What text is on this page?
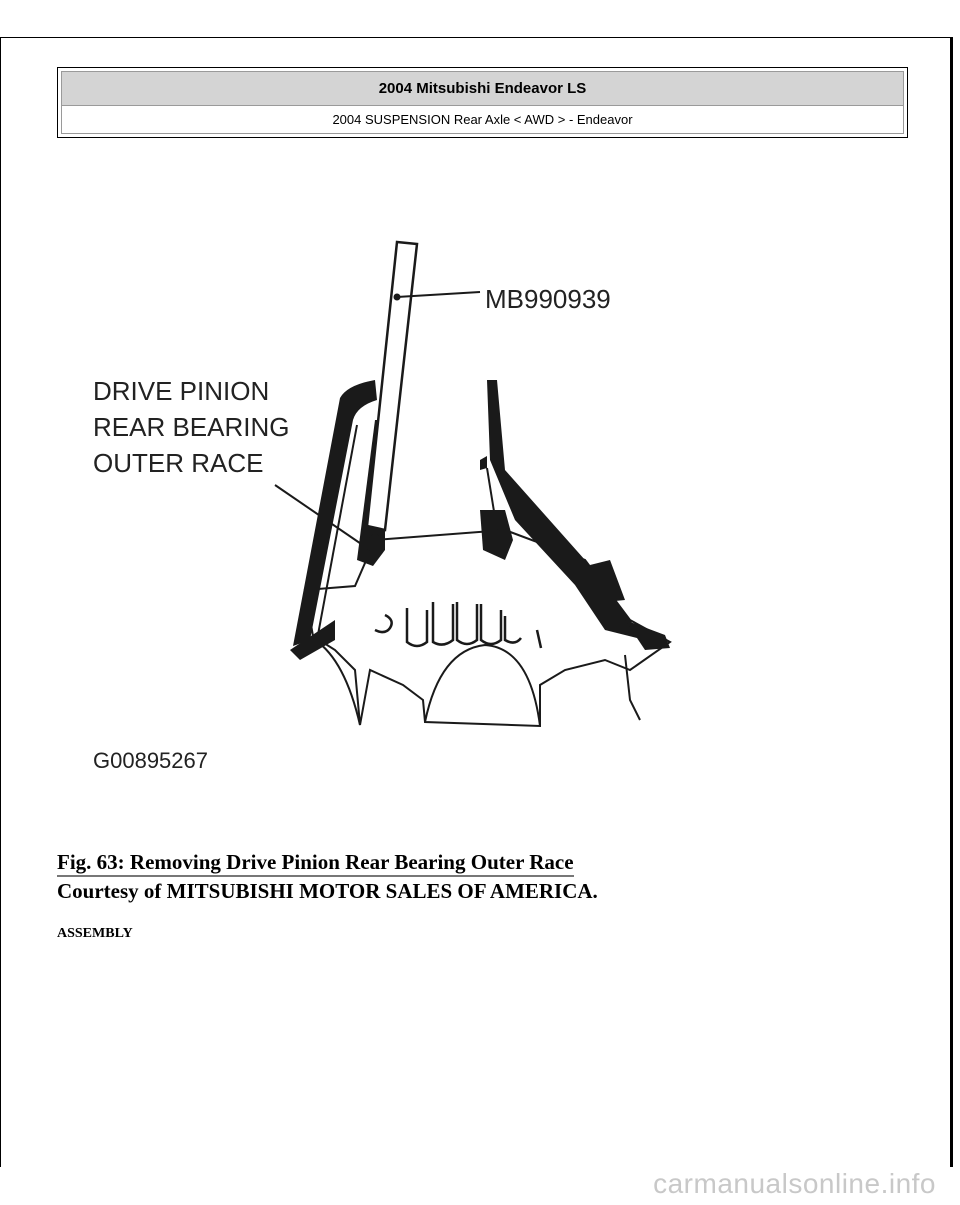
2004 Mitsubishi Endeavor LS
2004 SUSPENSION Rear Axle < AWD > - Endeavor
MB990939
DRIVE PINION
REAR BEARING
OUTER RACE
G00895267
Fig. 63: Removing Drive Pinion Rear Bearing Outer Race
Courtesy of MITSUBISHI MOTOR SALES OF AMERICA.
ASSEMBLY
carmanualsonline.info
